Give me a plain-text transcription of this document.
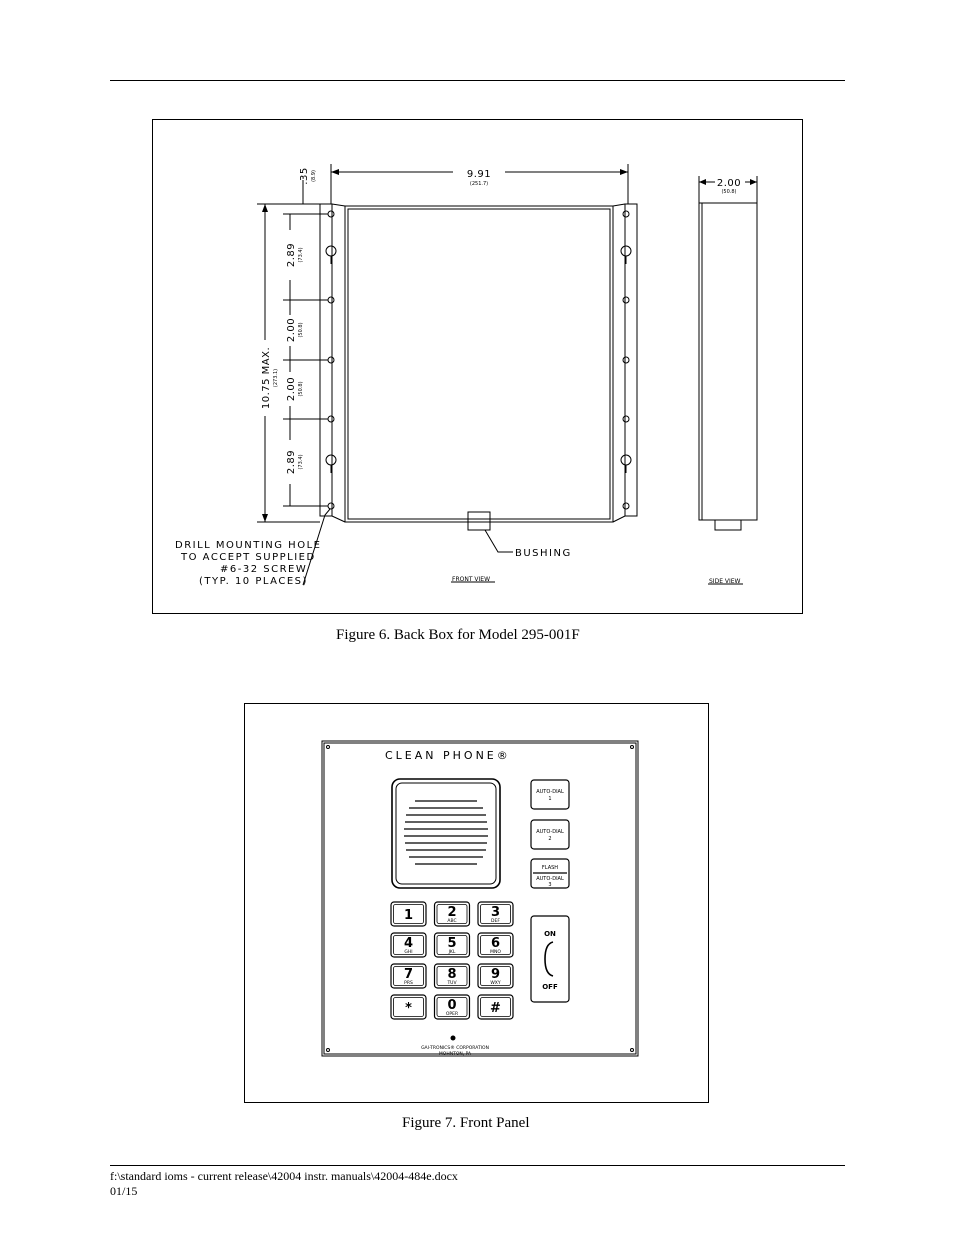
9.91
(251.7)	2.00
(50.8)
.35 (8.9)
10.75 MAX. (273.1)
2.89 (73.4)
2.00 (50.8)
2.00 (50.8)
2.89 (73.4)
DRILL MOUNTING HOLE
TO ACCEPT SUPPLIED
#6-32 SCREW
(TYP. 10 PLACES)
BUSHING
FRONT VIEW	SIDE VIEW
Figure 6. Back Box for Model 295-001F
CLEAN PHONE®
AUTO-DIAL
1
AUTO-DIAL
2
FLASH
AUTO-DIAL
3
ON
OFF
1	2
ABC
3
DEF
4
GHI
5
JKL
6
MNO
7
PRS
8
TUV
9
WXY
*	0
OPER #
GAI-TRONICS® CORPORATION
MOHNTON, PA
Figure 7. Front Panel
f:\standard ioms - current release\42004 instr. manuals\42004-484e.docx
01/15
